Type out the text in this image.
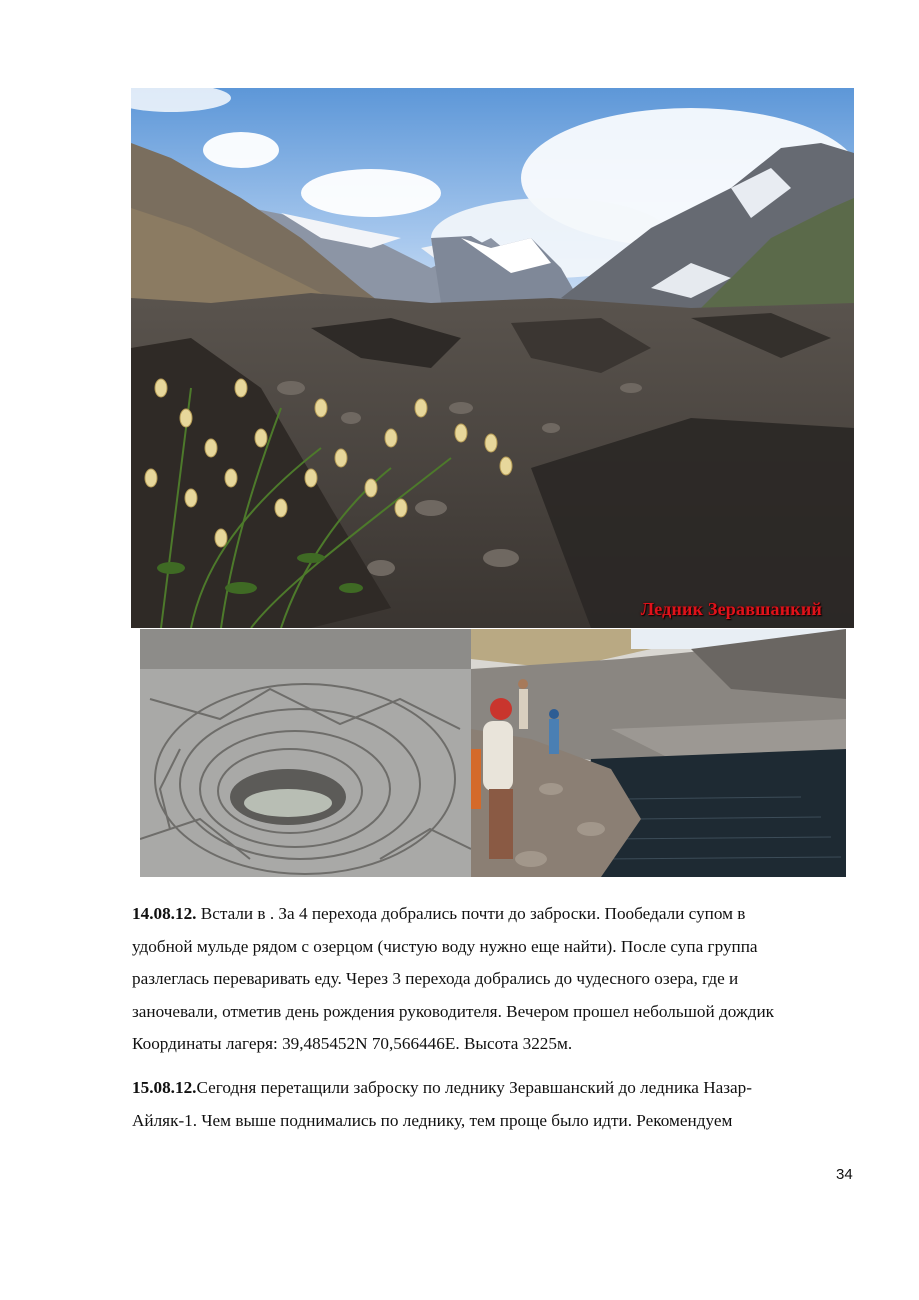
Ледник Зеравшанкий
14.08.12. Встали в . За 4 перехода добрались почти до заброски. Пообедали супом в
удобной мульде рядом с озерцом (чистую воду нужно еще найти). После супа группа
разлеглась переваривать еду. Через 3 перехода добрались до чудесного озера, где и
заночевали, отметив день рождения руководителя. Вечером прошел небольшой дождик
Координаты лагеря: 39,485452N 70,566446E. Высота 3225м.
15.08.12.Сегодня перетащили заброску по леднику Зеравшанский до ледника Назар-
Айляк-1. Чем выше поднимались по леднику, тем проще было идти. Рекомендуем
34
